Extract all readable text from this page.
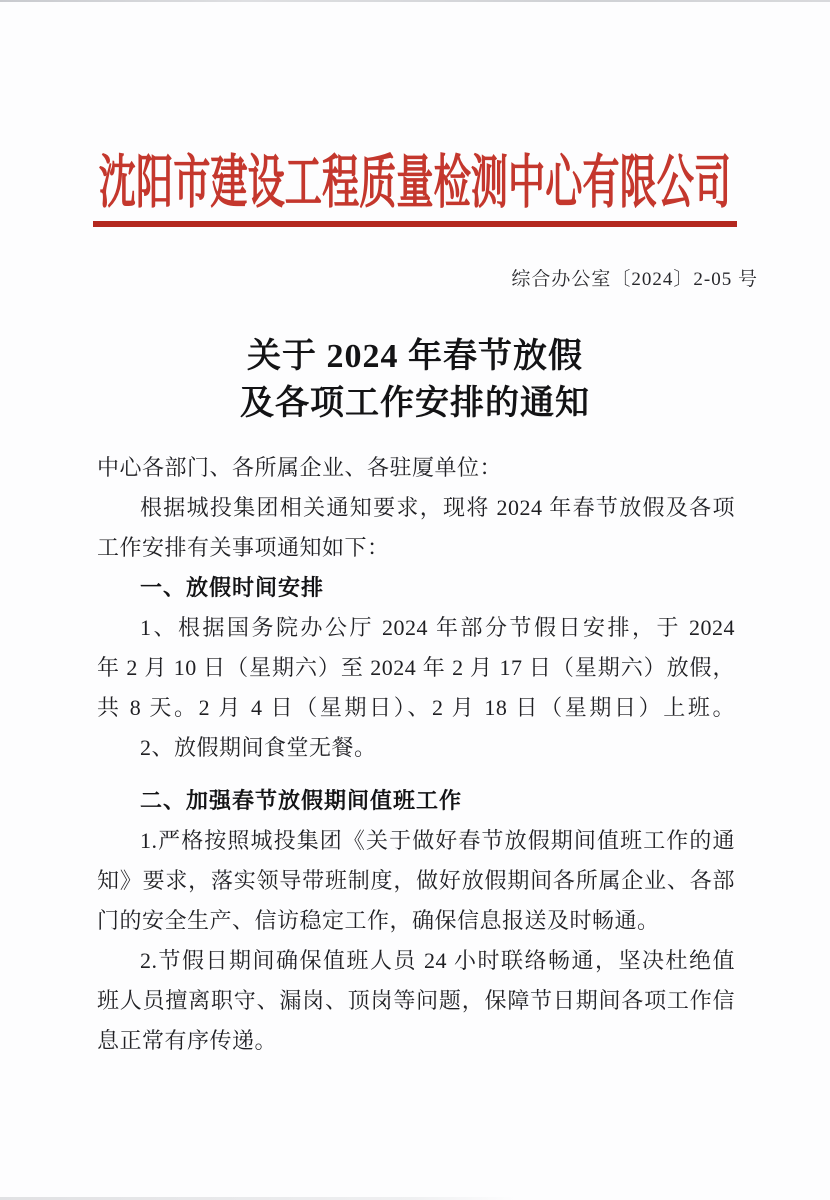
沈阳市建设工程质量检测中心有限公司
综合办公室〔2024〕2-05 号
关于 2024 年春节放假
及各项工作安排的通知
中心各部门、各所属企业、各驻厦单位：
根据城投集团相关通知要求，现将 2024 年春节放假及各项
工作安排有关事项通知如下：
一、放假时间安排
1、根据国务院办公厅 2024 年部分节假日安排，于 2024
年 2 月 10 日（星期六）至 2024 年 2 月 17 日（星期六）放假，
共 8 天。2 月 4 日（星期日）、2 月 18 日（星期日）上班。
2、放假期间食堂无餐。
二、加强春节放假期间值班工作
1.严格按照城投集团《关于做好春节放假期间值班工作的通
知》要求，落实领导带班制度，做好放假期间各所属企业、各部
门的安全生产、信访稳定工作，确保信息报送及时畅通。
2.节假日期间确保值班人员 24 小时联络畅通，坚决杜绝值
班人员擅离职守、漏岗、顶岗等问题，保障节日期间各项工作信
息正常有序传递。
